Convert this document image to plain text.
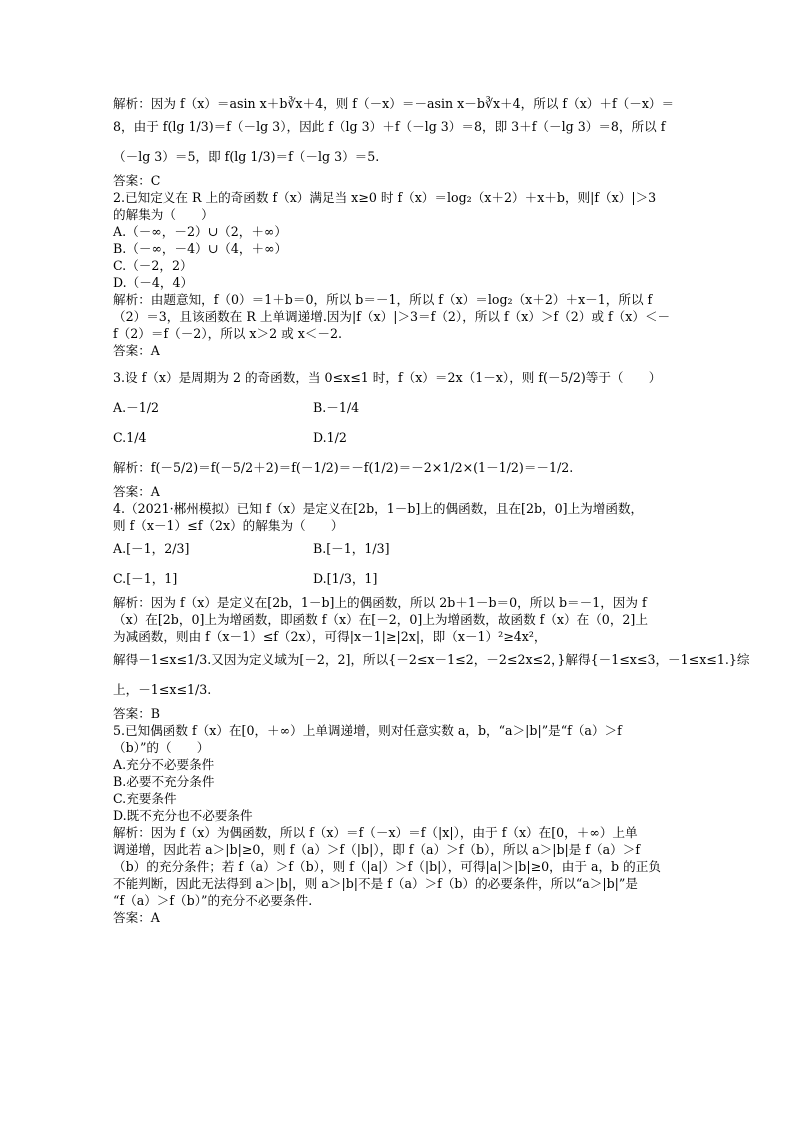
解析：因为 f（x）＝asin x＋b∛x＋4，则 f（－x）＝－asin x－b∛x＋4，所以 f（x）＋f（－x）＝
8，由于 f(lg 1/3)＝f（－lg 3），因此 f（lg 3）＋f（－lg 3）＝8，即 3＋f（－lg 3）＝8，所以 f
（－lg 3）＝5，即 f(lg 1/3)＝f（－lg 3）＝5.
答案：C
2.已知定义在 R 上的奇函数 f（x）满足当 x≥0 时 f（x）＝log₂（x＋2）＋x＋b，则|f（x）|＞3
的解集为（　　）
A.（－∞，－2）∪（2，＋∞）
B.（－∞，－4）∪（4，＋∞）
C.（－2，2）
D.（－4，4）
解析：由题意知，f（0）＝1＋b＝0，所以 b＝－1，所以 f（x）＝log₂（x＋2）＋x－1，所以 f
（2）＝3，且该函数在 R 上单调递增.因为|f（x）|＞3＝f（2），所以 f（x）＞f（2）或 f（x）＜－
f（2）＝f（－2），所以 x＞2 或 x＜－2.
答案：A
3.设 f（x）是周期为 2 的奇函数，当 0≤x≤1 时，f（x）＝2x（1－x），则 f(－5/2)等于（　　）
A.－1/2	B.－1/4
C.1/4	D.1/2
解析：f(－5/2)＝f(－5/2＋2)＝f(－1/2)＝－f(1/2)＝－2×1/2×(1－1/2)＝－1/2.
答案：A
4.（2021·郴州模拟）已知 f（x）是定义在[2b，1－b]上的偶函数，且在[2b，0]上为增函数，
则 f（x－1）≤f（2x）的解集为（　　）
A.[－1，2/3]	B.[－1，1/3]
C.[－1，1]	D.[1/3，1]
解析：因为 f（x）是定义在[2b，1－b]上的偶函数，所以 2b＋1－b＝0，所以 b＝－1，因为 f
（x）在[2b，0]上为增函数，即函数 f（x）在[－2，0]上为增函数，故函数 f（x）在（0，2]上
为减函数，则由 f（x－1）≤f（2x），可得|x－1|≥|2x|，即（x－1）²≥4x²，
解得－1≤x≤1/3.又因为定义域为[－2，2]，所以{－2≤x－1≤2，－2≤2x≤2，}解得{－1≤x≤3，－1≤x≤1.}综
上，－1≤x≤1/3.
答案：B
5.已知偶函数 f（x）在[0，＋∞）上单调递增，则对任意实数 a，b，“a＞|b|”是“f（a）＞f
（b）”的（　　）
A.充分不必要条件
B.必要不充分条件
C.充要条件
D.既不充分也不必要条件
解析：因为 f（x）为偶函数，所以 f（x）＝f（－x）＝f（|x|），由于 f（x）在[0，＋∞）上单
调递增，因此若 a＞|b|≥0，则 f（a）＞f（|b|），即 f（a）＞f（b），所以 a＞|b|是 f（a）＞f
（b）的充分条件；若 f（a）＞f（b），则 f（|a|）＞f（|b|），可得|a|＞|b|≥0，由于 a，b 的正负
不能判断，因此无法得到 a＞|b|，则 a＞|b|不是 f（a）＞f（b）的必要条件，所以“a＞|b|”是
“f（a）＞f（b）”的充分不必要条件.
答案：A
